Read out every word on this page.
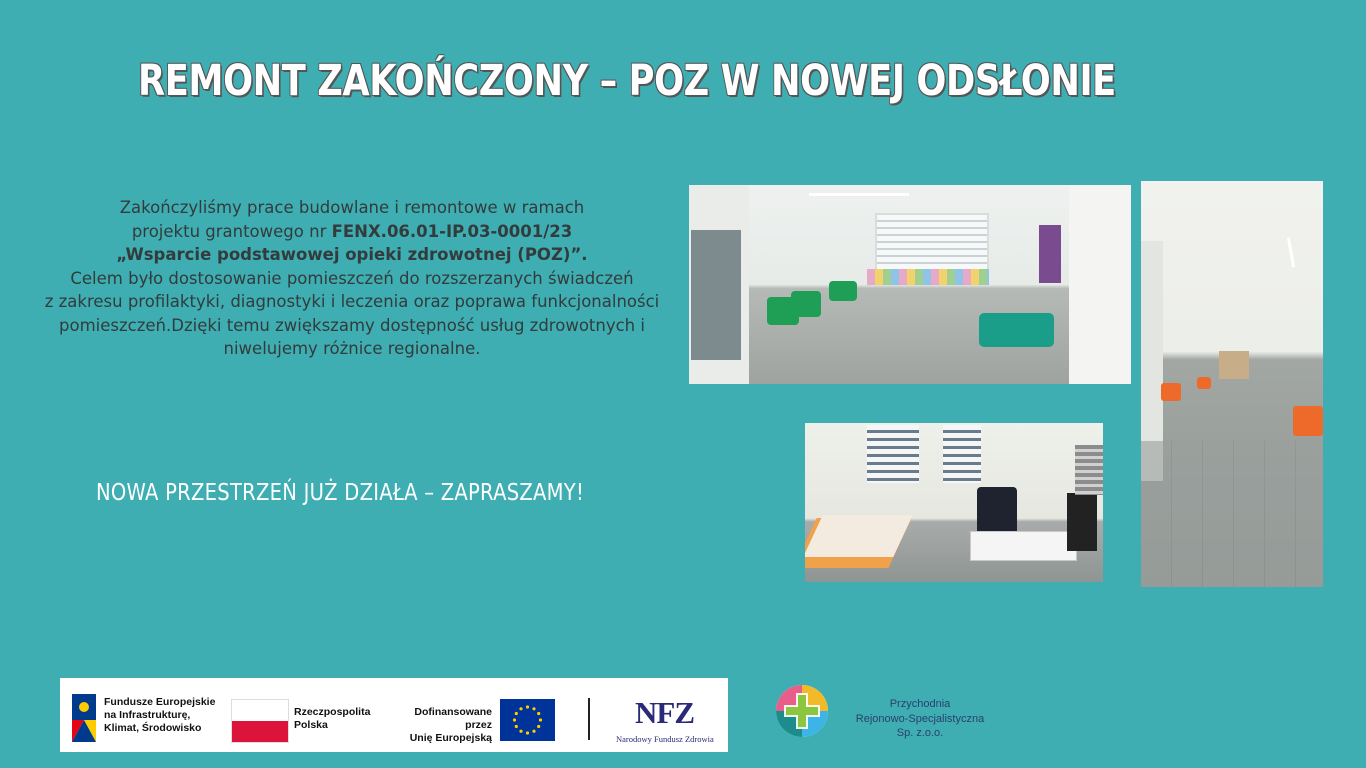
REMONT ZAKOŃCZONY – POZ W NOWEJ ODSŁONIE
Zakończyliśmy prace budowlane i remontowe w ramach
projektu grantowego nr FENX.06.01-IP.03-0001/23
„Wsparcie podstawowej opieki zdrowotnej (POZ)”.
Celem było dostosowanie pomieszczeń do rozszerzanych świadczeń
z zakresu profilaktyki, diagnostyki i leczenia oraz poprawa funkcjonalności
pomieszczeń.Dzięki temu zwiększamy dostępność usług zdrowotnych i
niwelujemy różnice regionalne.
NOWA PRZESTRZEŃ JUŻ DZIAŁA – ZAPRASZAMY!
Fundusze Europejskie
na Infrastrukturę,
Klimat, Środowisko
Rzeczpospolita
Polska
Dofinansowane przez
Unię Europejską
NFZ
Narodowy Fundusz Zdrowia
Przychodnia
Rejonowo-Specjalistyczna
Sp. z.o.o.
